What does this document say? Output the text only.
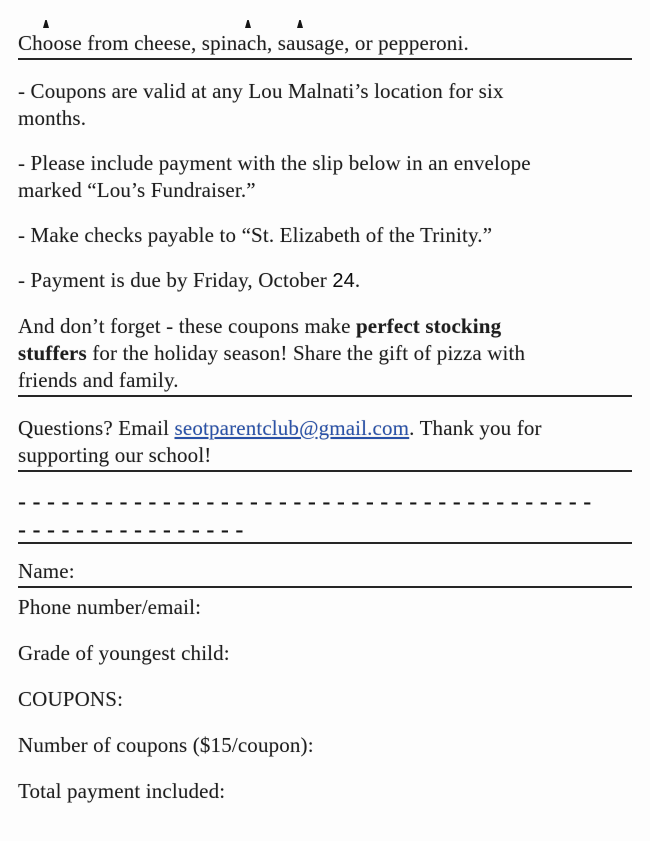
Choose from cheese, spinach, sausage, or pepperoni.

- Coupons are valid at any Lou Malnati’s location for six
months.

- Please include payment with the slip below in an envelope
marked “Lou’s Fundraiser.”

- Make checks payable to “St. Elizabeth of the Trinity.”

- Payment is due by Friday, October 24.

And don’t forget - these coupons make perfect stocking
stuffers for the holiday season! Share the gift of pizza with
friends and family.

Questions? Email seotparentclub@gmail.com. Thank you for
supporting our school!

----------------------------------------
----------------

Name:

Phone number/email:

Grade of youngest child:

COUPONS:

Number of coupons ($15/coupon):

Total payment included:
